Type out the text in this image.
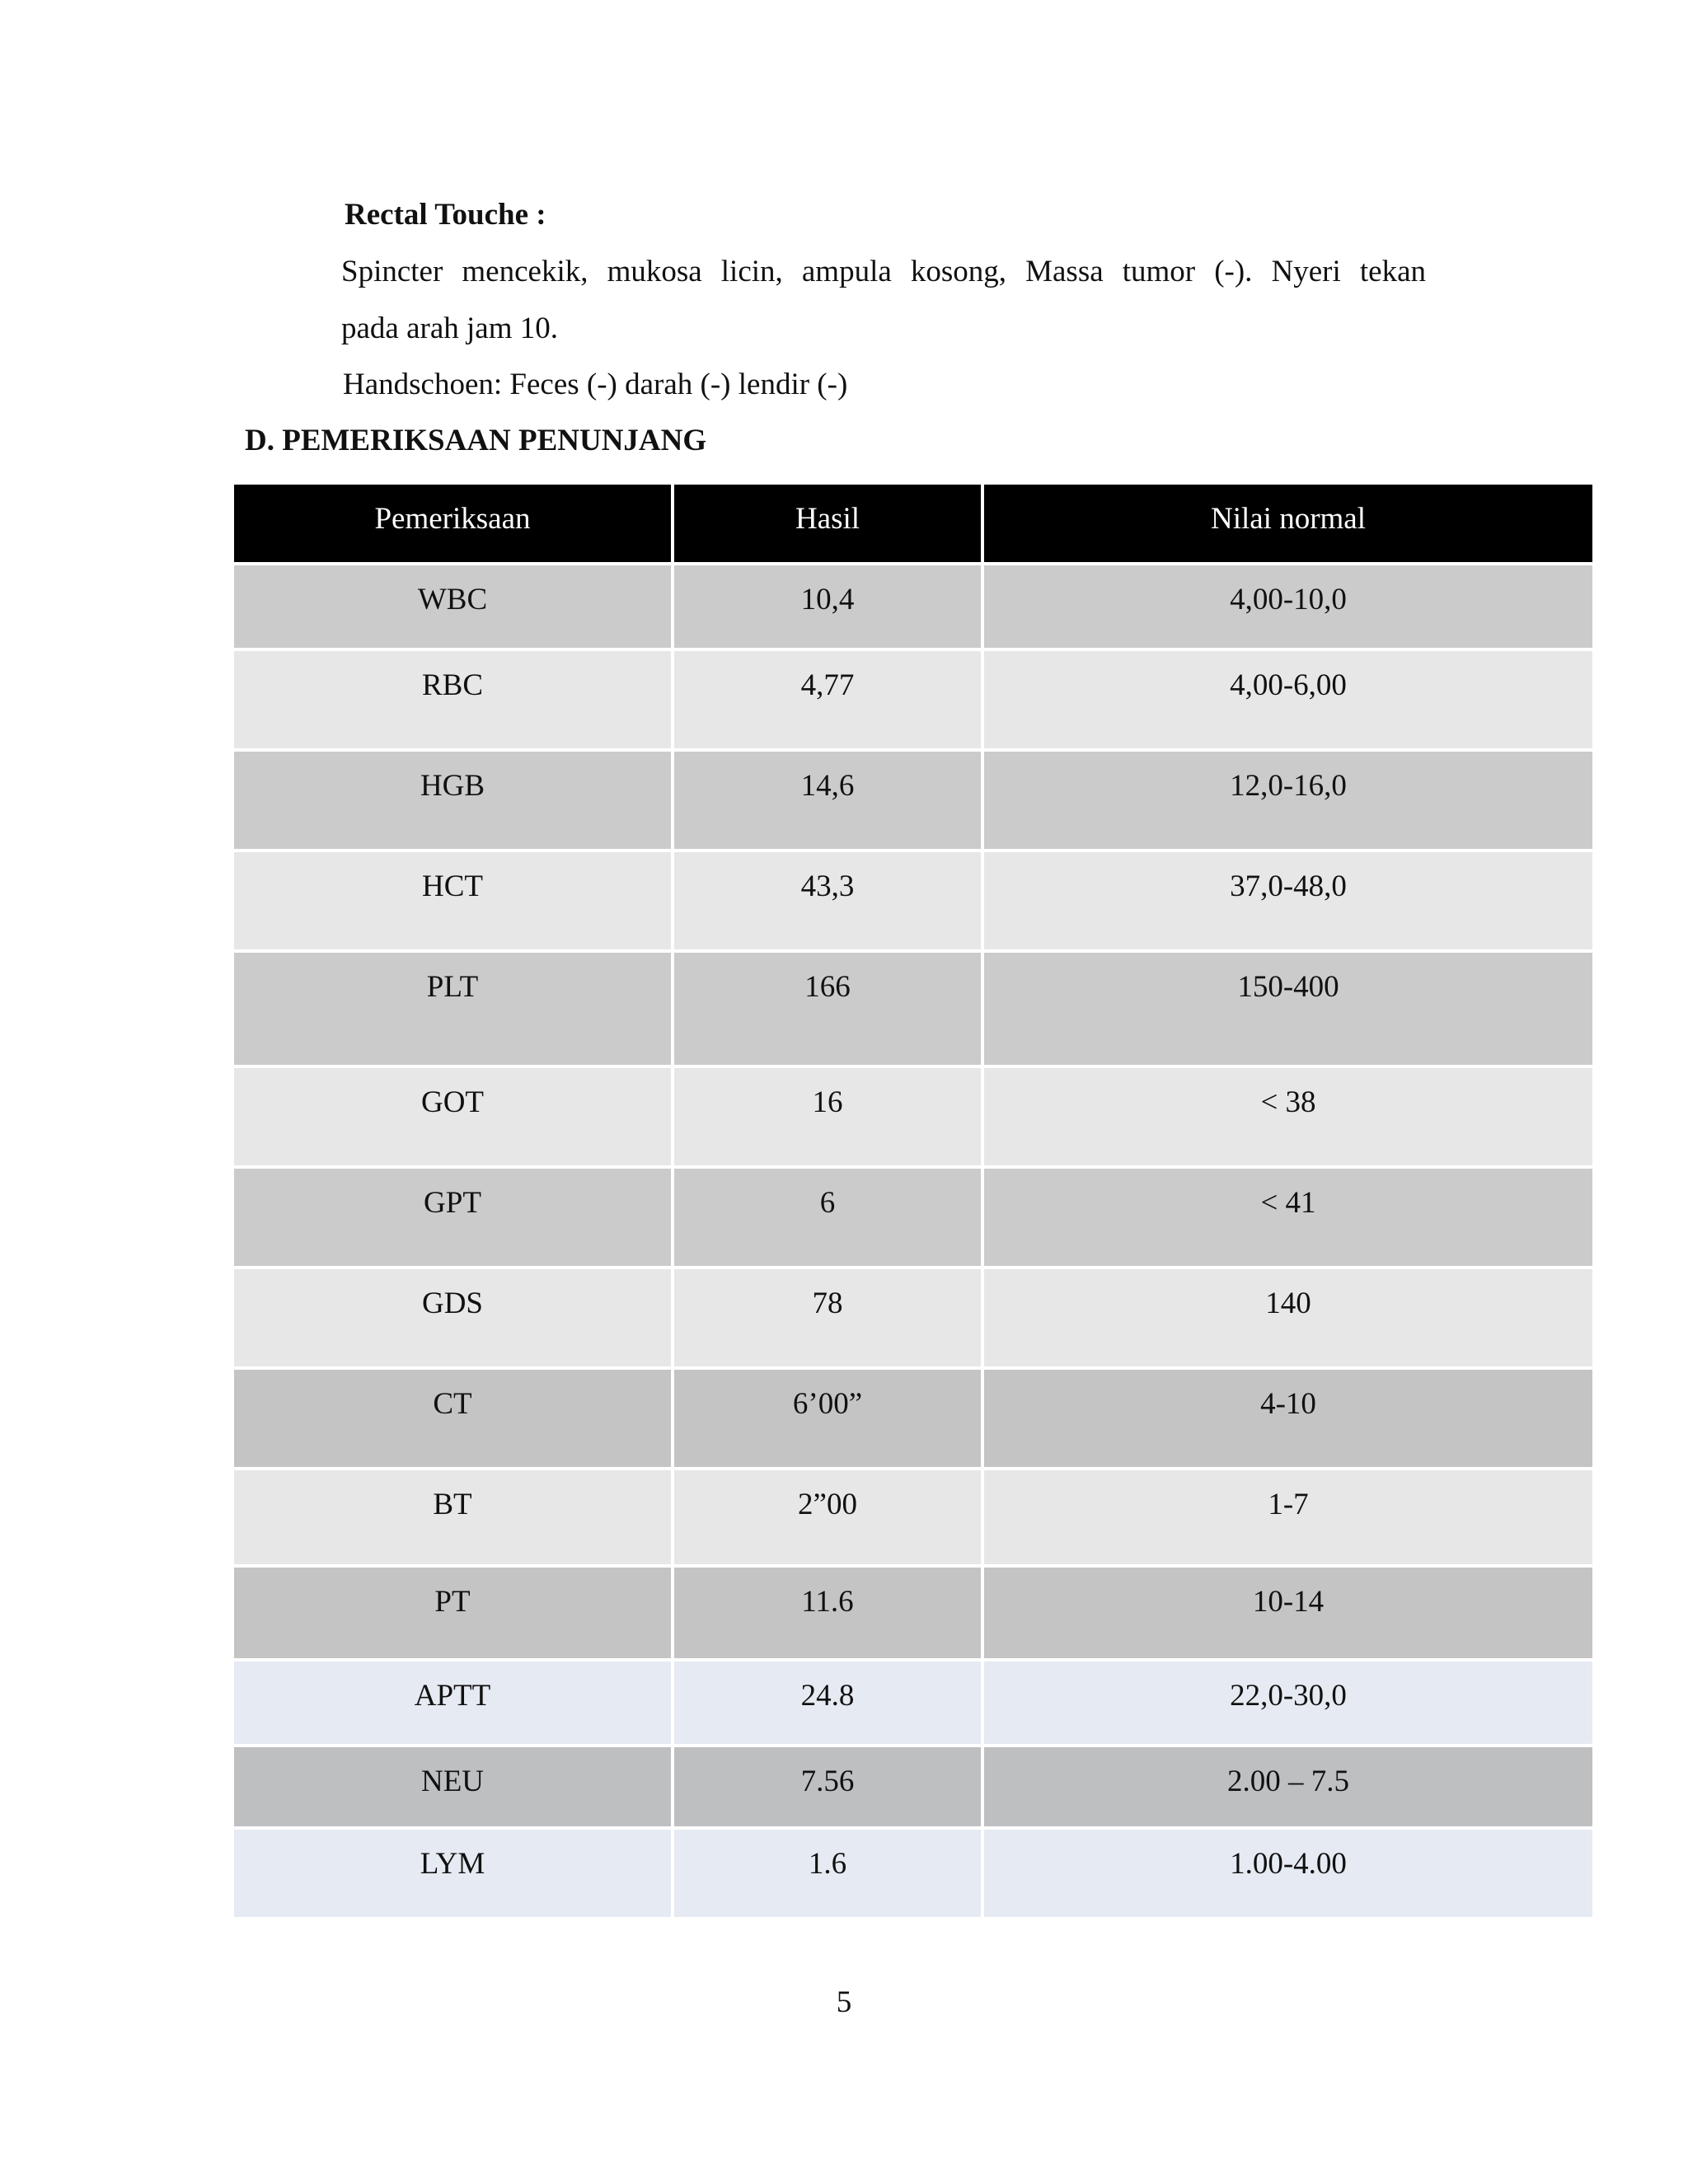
Rectal Touche :
Spincter mencekik, mukosa licin, ampula kosong, Massa tumor (-). Nyeri tekan
pada arah jam 10.
Handschoen: Feces (-) darah (-) lendir (-)
D. PEMERIKSAAN PENUNJANG
Pemeriksaan	Hasil	Nilai normal
WBC	10,4	4,00-10,0
RBC	4,77	4,00-6,00
HGB	14,6	12,0-16,0
HCT	43,3	37,0-48,0
PLT	166	150-400
GOT	16	< 38
GPT	6	< 41
GDS	78	140
CT	6’00”	4-10
BT	2”00	1-7
PT	11.6	10-14
APTT	24.8	22,0-30,0
NEU	7.56	2.00 – 7.5
LYM	1.6	1.00-4.00
5
